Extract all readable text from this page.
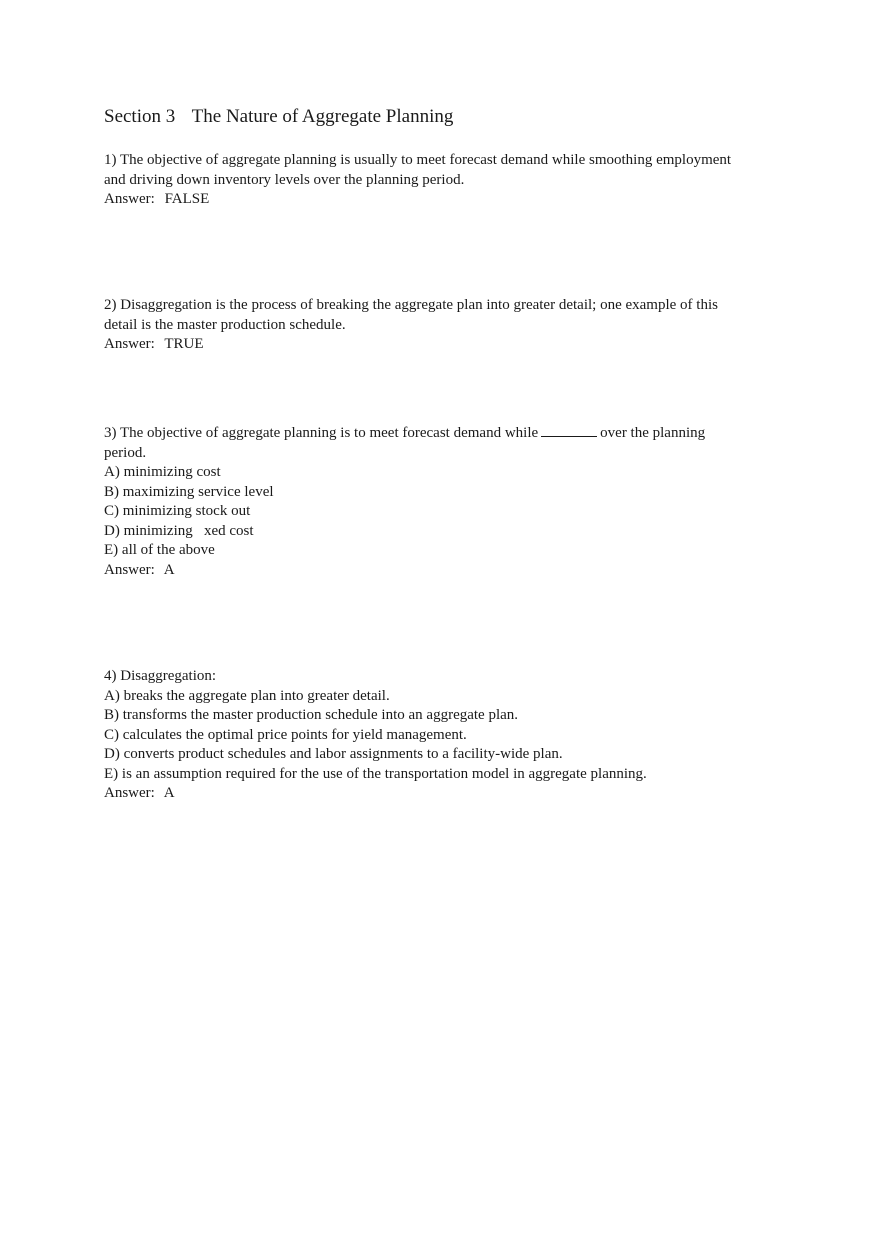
Section 3 The Nature of Aggregate Planning
1) The objective of aggregate planning is usually to meet forecast demand while smoothing employment
and driving down inventory levels over the planning period.
Answer: FALSE
2) Disaggregation is the process of breaking the aggregate plan into greater detail; one example of this
detail is the master production schedule.
Answer: TRUE
3) The objective of aggregate planning is to meet forecast demand while	over the planning
period.
A) minimizing cost
B) maximizing service level
C) minimizing stock out
D) minimizing   xed cost
E) all of the above
Answer: A
4) Disaggregation:
A) breaks the aggregate plan into greater detail.
B) transforms the master production schedule into an aggregate plan.
C) calculates the optimal price points for yield management.
D) converts product schedules and labor assignments to a facility-wide plan.
E) is an assumption required for the use of the transportation model in aggregate planning.
Answer: A
